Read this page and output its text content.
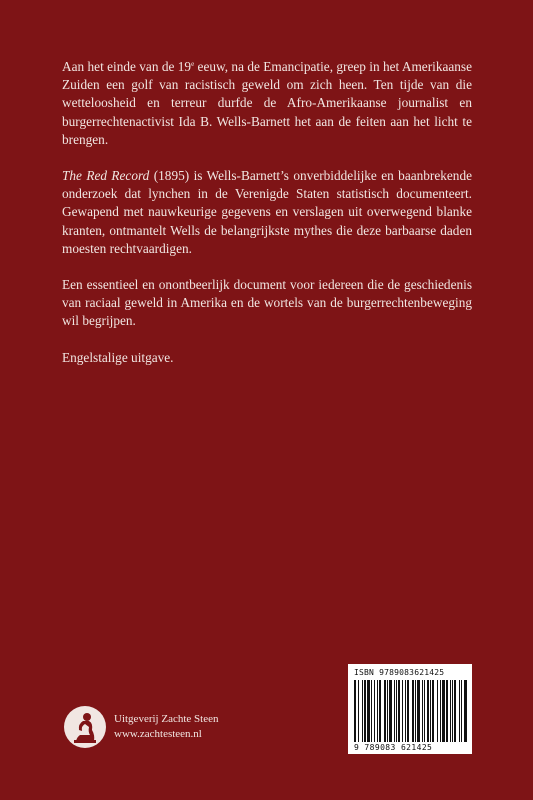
Aan het einde van de 19e eeuw, na de Emancipatie, greep in het Amerikaanse Zuiden een golf van racistisch geweld om zich heen. Ten tijde van die wetteloosheid en terreur durfde de Afro-Amerikaanse journalist en burgerrechtenactivist Ida B. Wells-Barnett het aan de feiten aan het licht te brengen.

The Red Record (1895) is Wells-Barnett’s onverbiddelijke en baanbrekende onderzoek dat lynchen in de Verenigde Staten statistisch documenteert. Gewapend met nauwkeurige gegevens en verslagen uit overwegend blanke kranten, ontmantelt Wells de belangrijkste mythes die deze barbaarse daden moesten rechtvaardigen.

Een essentieel en onontbeerlijk document voor iedereen die de geschiedenis van raciaal geweld in Amerika en de wortels van de burgerrechtenbeweging wil begrijpen.

Engelstalige uitgave.

Uitgeverij Zachte Steen
www.zachtesteen.nl
ISBN 9789083621425
9 789083 621425
